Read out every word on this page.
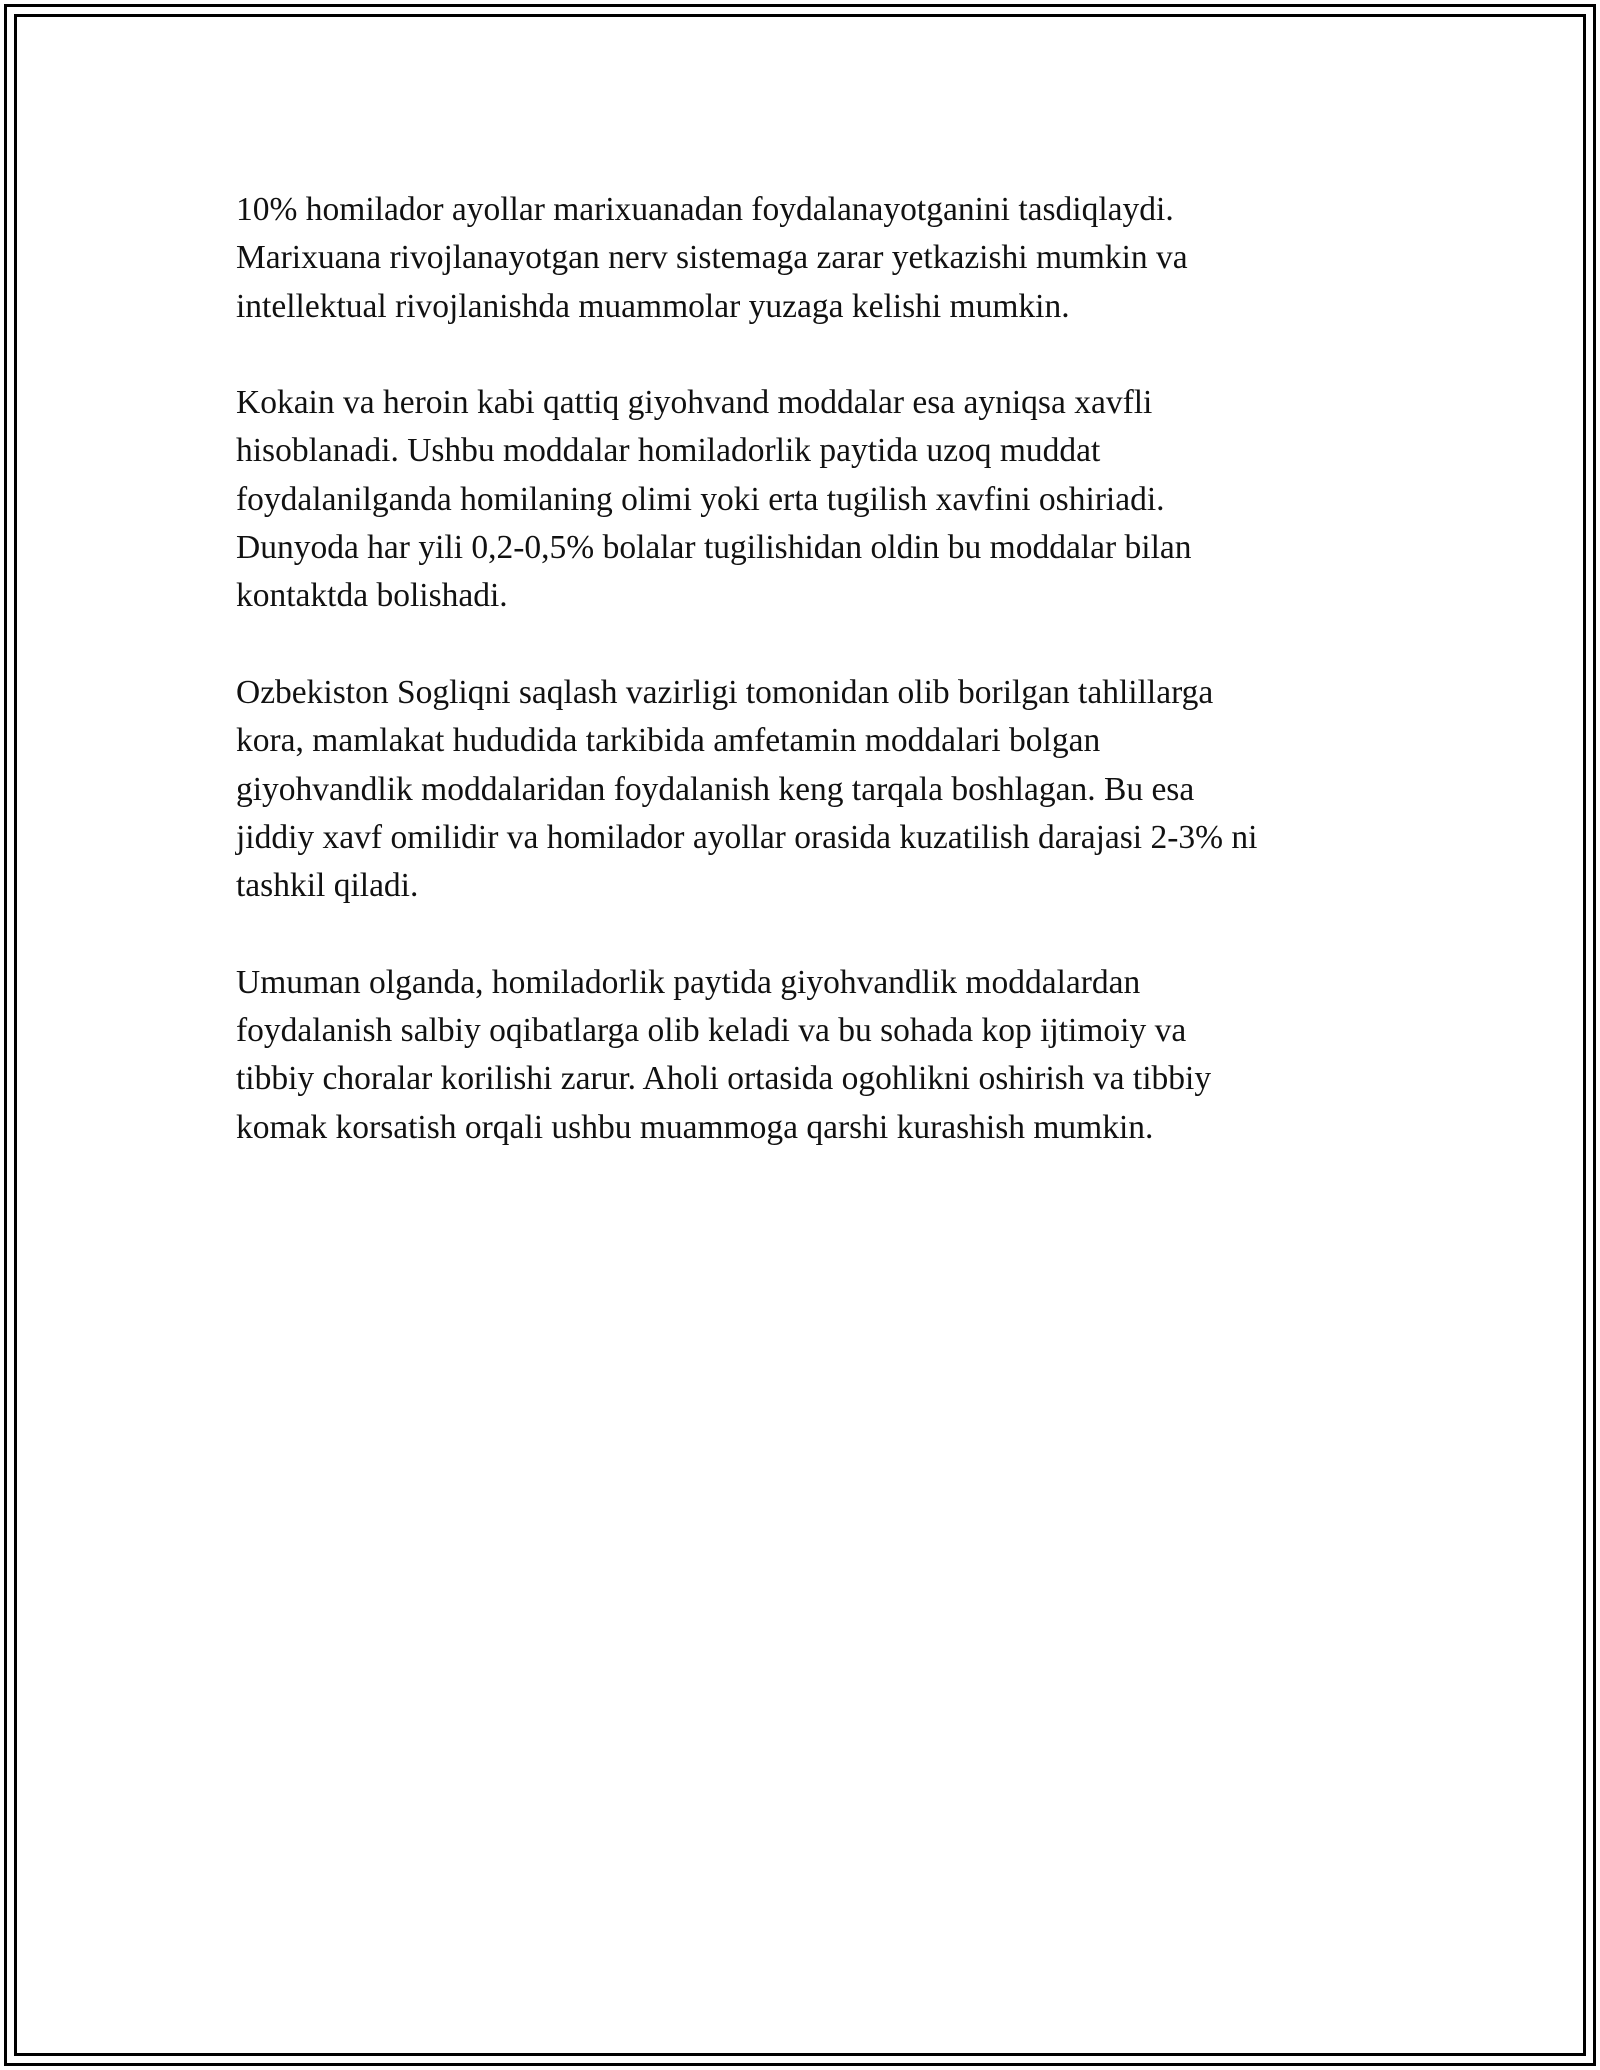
10% homilador ayollar marixuanadan foydalanayotganini tasdiqlaydi.
Marixuana rivojlanayotgan nerv sistemaga zarar yetkazishi mumkin va
intellektual rivojlanishda muammolar yuzaga kelishi mumkin.

Kokain va heroin kabi qattiq giyohvand moddalar esa ayniqsa xavfli
hisoblanadi. Ushbu moddalar homiladorlik paytida uzoq muddat
foydalanilganda homilaning olimi yoki erta tugilish xavfini oshiriadi.
Dunyoda har yili 0,2-0,5% bolalar tugilishidan oldin bu moddalar bilan
kontaktda bolishadi.

Ozbekiston Sogliqni saqlash vazirligi tomonidan olib borilgan tahlillarga
kora, mamlakat hududida tarkibida amfetamin moddalari bolgan
giyohvandlik moddalaridan foydalanish keng tarqala boshlagan. Bu esa
jiddiy xavf omilidir va homilador ayollar orasida kuzatilish darajasi 2-3% ni
tashkil qiladi.

Umuman olganda, homiladorlik paytida giyohvandlik moddalardan
foydalanish salbiy oqibatlarga olib keladi va bu sohada kop ijtimoiy va
tibbiy choralar korilishi zarur. Aholi ortasida ogohlikni oshirish va tibbiy
komak korsatish orqali ushbu muammoga qarshi kurashish mumkin.
